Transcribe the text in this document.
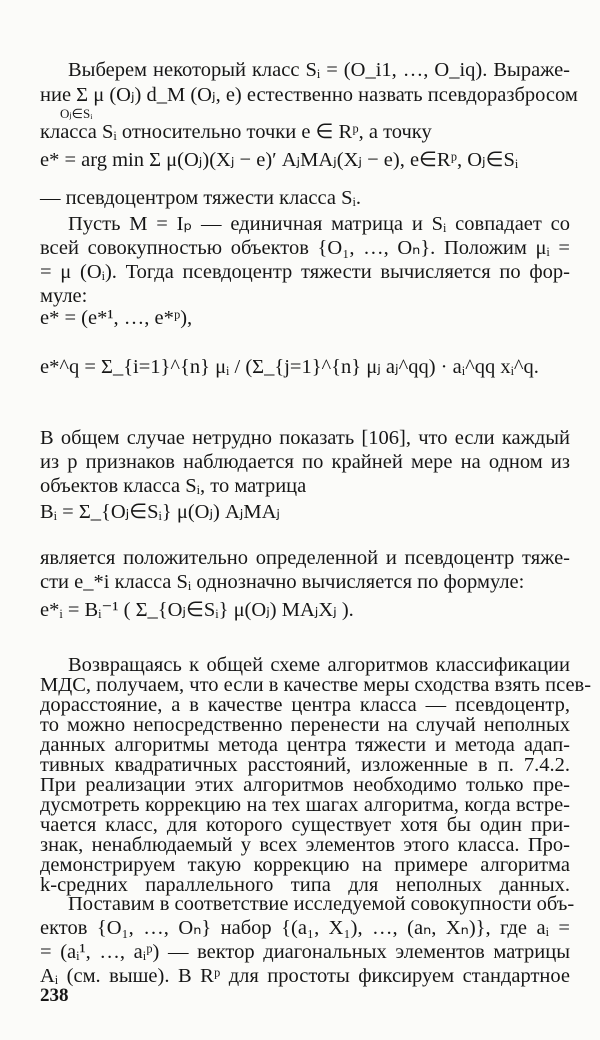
Выберем некоторый класс Sᵢ = (O_i1, …, O_iq). Выраже-
ние Σ μ (Oⱼ) d_M (Oⱼ, e) естественно назвать псевдоразбросом
Oⱼ∈Sᵢ
класса Sᵢ относительно точки e ∈ Rᵖ, а точку
e* = arg min Σ μ(Oⱼ)(Xⱼ − e)′ AⱼMAⱼ(Xⱼ − e), e∈Rᵖ, Oⱼ∈Sᵢ
— псевдоцентром тяжести класса Sᵢ.
Пусть M = Iₚ — единичная матрица и Sᵢ совпадает со
всей совокупностью объектов {O₁, …, Oₙ}. Положим μᵢ =
= μ (Oᵢ). Тогда псевдоцентр тяжести вычисляется по фор-
муле:
e* = (e*¹, …, e*ᵖ),
e*^q = Σ_{i=1}^{n} μᵢ / (Σ_{j=1}^{n} μⱼ aⱼ^qq) · aᵢ^qq xᵢ^q.
В общем случае нетрудно показать [106], что если каждый
из p признаков наблюдается по крайней мере на одном из
объектов класса Sᵢ, то матрица
Bᵢ = Σ_{Oⱼ∈Sᵢ} μ(Oⱼ) AⱼMAⱼ
является положительно определенной и псевдоцентр тяже-
сти e_*i класса Sᵢ однозначно вычисляется по формуле:
e*ᵢ = Bᵢ⁻¹ ( Σ_{Oⱼ∈Sᵢ} μ(Oⱼ) MAⱼXⱼ ).
Возвращаясь к общей схеме алгоритмов классификации
МДС, получаем, что если в качестве меры сходства взять псев-
дорасстояние, а в качестве центра класса — псевдоцентр,
то можно непосредственно перенести на случай неполных
данных алгоритмы метода центра тяжести и метода адап-
тивных квадратичных расстояний, изложенные в п. 7.4.2.
При реализации этих алгоритмов необходимо только пре-
дусмотреть коррекцию на тех шагах алгоритма, когда встре-
чается класс, для которого существует хотя бы один при-
знак, ненаблюдаемый у всех элементов этого класса. Про-
демонстрируем такую коррекцию на примере алгоритма
k-средних параллельного типа для неполных данных.
Поставим в соответствие исследуемой совокупности объ-
ектов {O₁, …, Oₙ} набор {(a₁, X₁), …, (aₙ, Xₙ)}, где aᵢ =
= (aᵢ¹, …, aᵢᵖ) — вектор диагональных элементов матрицы
Aᵢ (см. выше). В Rᵖ для простоты фиксируем стандартное
238
